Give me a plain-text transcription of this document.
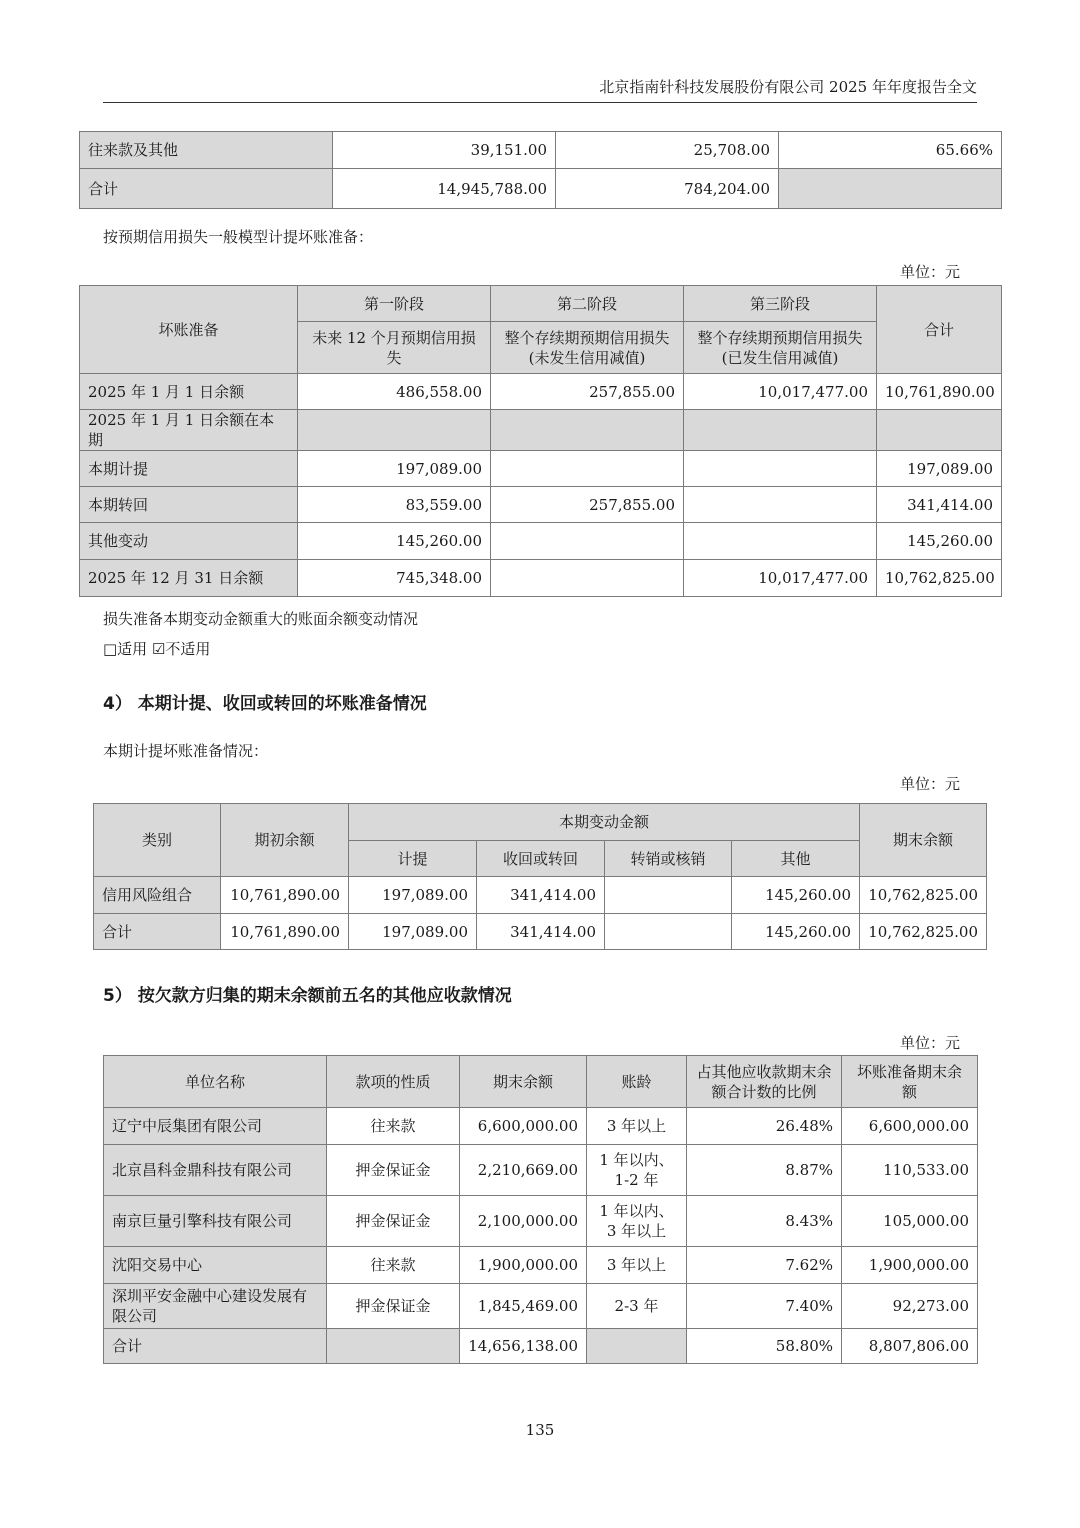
北京指南针科技发展股份有限公司 2025 年年度报告全文
往来款及其他	39,151.00	25,708.00	65.66%
合计	14,945,788.00	784,204.00	
按预期信用损失一般模型计提坏账准备：
单位：元
坏账准备	第一阶段	第二阶段	第三阶段	合计
	未来 12 个月预期信用损失	整个存续期预期信用损失(未发生信用减值)	整个存续期预期信用损失(已发生信用减值)	
2025 年 1 月 1 日余额	486,558.00	257,855.00	10,017,477.00	10,761,890.00
2025 年 1 月 1 日余额在本期				
本期计提	197,089.00			197,089.00
本期转回	83,559.00	257,855.00		341,414.00
其他变动	145,260.00			145,260.00
2025 年 12 月 31 日余额	745,348.00		10,017,477.00	10,762,825.00
损失准备本期变动金额重大的账面余额变动情况
□适用 ☑不适用
4） 本期计提、收回或转回的坏账准备情况
本期计提坏账准备情况：
单位：元
类别	期初余额	本期变动金额				期末余额
		计提	收回或转回	转销或核销	其他	
信用风险组合	10,761,890.00	197,089.00	341,414.00		145,260.00	10,762,825.00
合计	10,761,890.00	197,089.00	341,414.00		145,260.00	10,762,825.00
5） 按欠款方归集的期末余额前五名的其他应收款情况
单位：元
单位名称	款项的性质	期末余额	账龄	占其他应收款期末余额合计数的比例	坏账准备期末余额
辽宁中辰集团有限公司	往来款	6,600,000.00	3 年以上	26.48%	6,600,000.00
北京昌科金鼎科技有限公司	押金保证金	2,210,669.00	1 年以内、1-2 年	8.87%	110,533.00
南京巨量引擎科技有限公司	押金保证金	2,100,000.00	1 年以内、3 年以上	8.43%	105,000.00
沈阳交易中心	往来款	1,900,000.00	3 年以上	7.62%	1,900,000.00
深圳平安金融中心建设发展有限公司	押金保证金	1,845,469.00	2-3 年	7.40%	92,273.00
合计		14,656,138.00		58.80%	8,807,806.00
135
